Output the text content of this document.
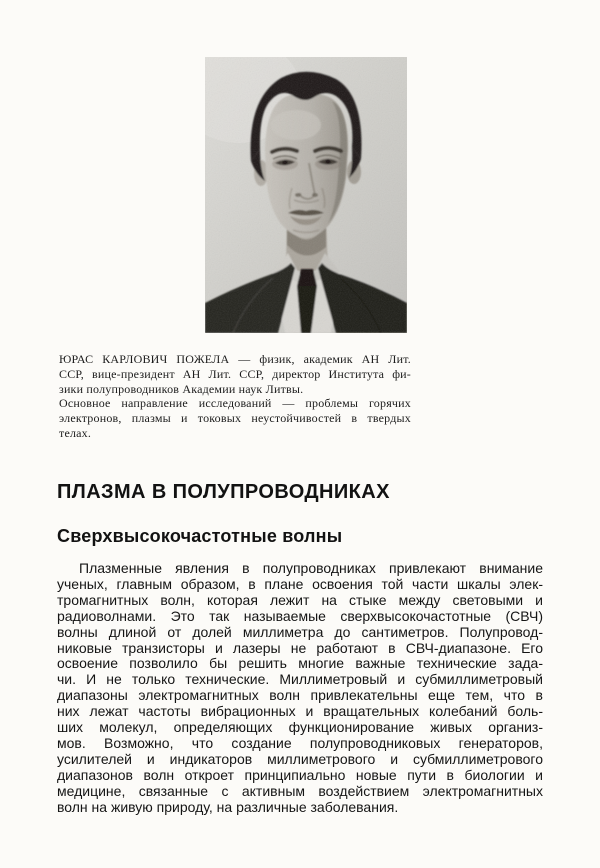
ЮРАС КАРЛОВИЧ ПОЖЕЛА — физик, академик АН Лит.
ССР, вице-президент АН Лит. ССР, директор Института фи-
зики полупроводников Академии наук Литвы.
Основное направление исследований — проблемы горячих
электронов, плазмы и токовых неустойчивостей в твердых
телах.
ПЛАЗМА В ПОЛУПРОВОДНИКАХ
Сверхвысокочастотные волны
Плазменные явления в полупроводниках привлекают внимание
ученых, главным образом, в плане освоения той части шкалы элек-
тромагнитных волн, которая лежит на стыке между световыми и
радиоволнами. Это так называемые сверхвысокочастотные (СВЧ)
волны длиной от долей миллиметра до сантиметров. Полупровод-
никовые транзисторы и лазеры не работают в СВЧ-диапазоне. Его
освоение позволило бы решить многие важные технические зада-
чи. И не только технические. Миллиметровый и субмиллиметровый
диапазоны электромагнитных волн привлекательны еще тем, что в
них лежат частоты вибрационных и вращательных колебаний боль-
ших молекул, определяющих функционирование живых организ-
мов. Возможно, что создание полупроводниковых генераторов,
усилителей и индикаторов миллиметрового и субмиллиметрового
диапазонов волн откроет принципиально новые пути в биологии и
медицине, связанные с активным воздействием электромагнитных
волн на живую природу, на различные заболевания.
